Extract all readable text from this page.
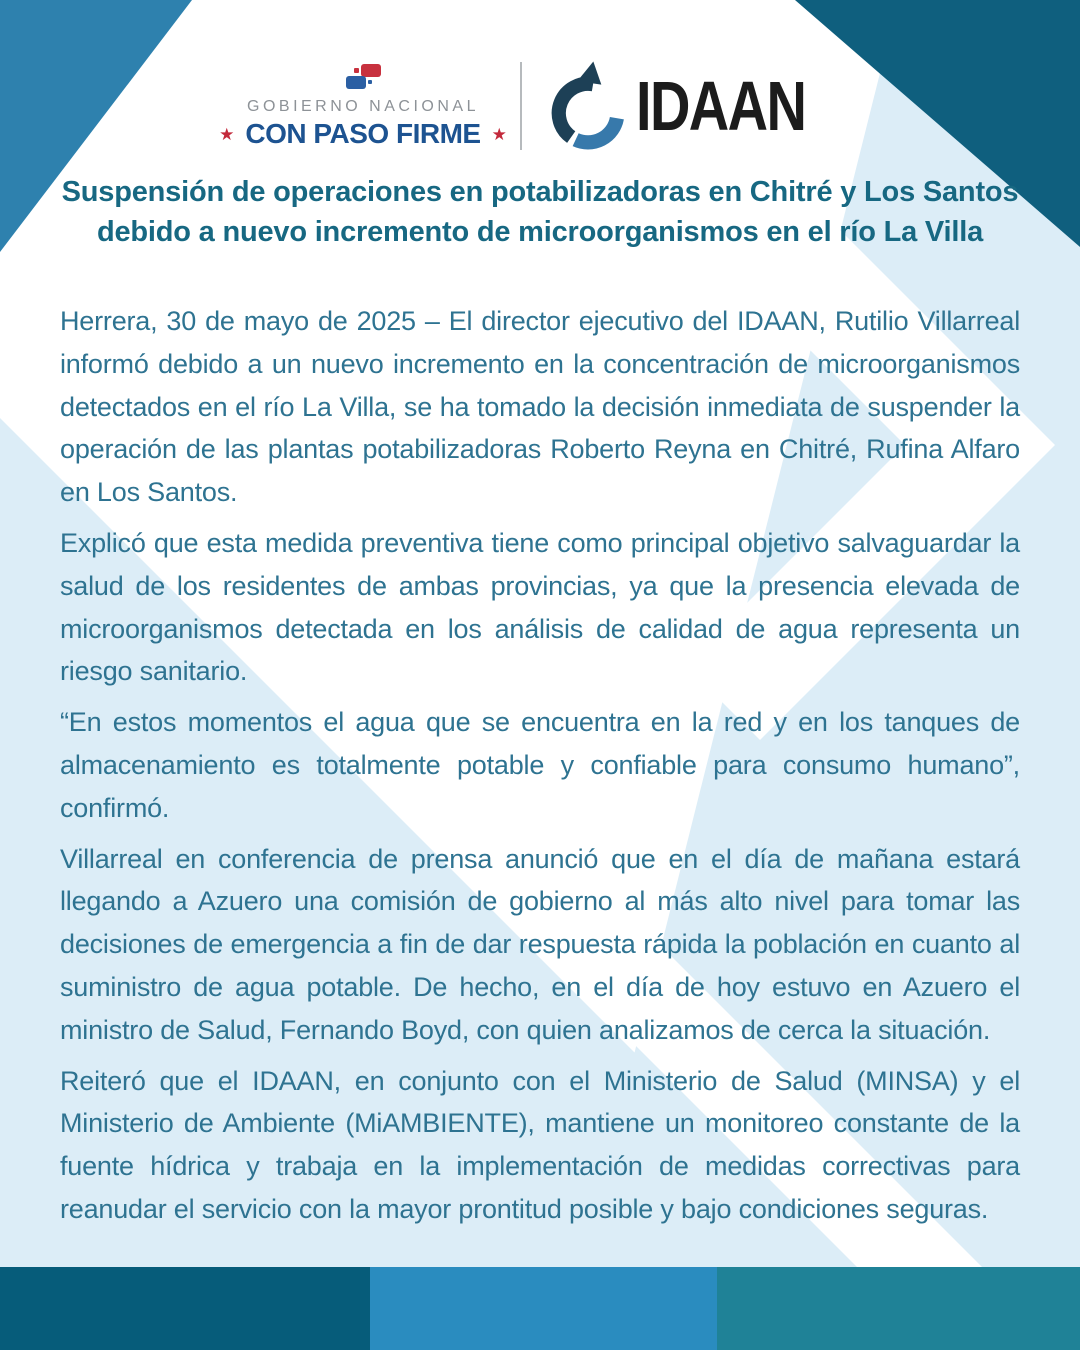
GOBIERNO NACIONAL
★ CON PASO FIRME ★ IDAAN
Suspensión de operaciones en potabilizadoras en Chitré y Los Santos
debido a nuevo incremento de microorganismos en el río La Villa

Herrera, 30 de mayo de 2025 – El director ejecutivo del IDAAN, Rutilio Villarreal informó debido a un nuevo incremento en la concentración de microorganismos detectados en el río La Villa, se ha tomado la decisión inmediata de suspender la operación de las plantas potabilizadoras Roberto Reyna en Chitré, Rufina Alfaro en Los Santos.

Explicó que esta medida preventiva tiene como principal objetivo salvaguardar la salud de los residentes de ambas provincias, ya que la presencia elevada de microorganismos detectada en los análisis de calidad de agua representa un riesgo sanitario.

“En estos momentos el agua que se encuentra en la red y en los tanques de almacenamiento es totalmente potable y confiable para consumo humano”, confirmó.

Villarreal en conferencia de prensa anunció que en el día de mañana estará llegando a Azuero una comisión de gobierno al más alto nivel para tomar las decisiones de emergencia a fin de dar respuesta rápida la población en cuanto al suministro de agua potable. De hecho, en el día de hoy estuvo en Azuero el ministro de Salud, Fernando Boyd, con quien analizamos de cerca la situación.

Reiteró que el IDAAN, en conjunto con el Ministerio de Salud (MINSA) y el Ministerio de Ambiente (MiAMBIENTE), mantiene un monitoreo constante de la fuente hídrica y trabaja en la implementación de medidas correctivas para reanudar el servicio con la mayor prontitud posible y bajo condiciones seguras.
